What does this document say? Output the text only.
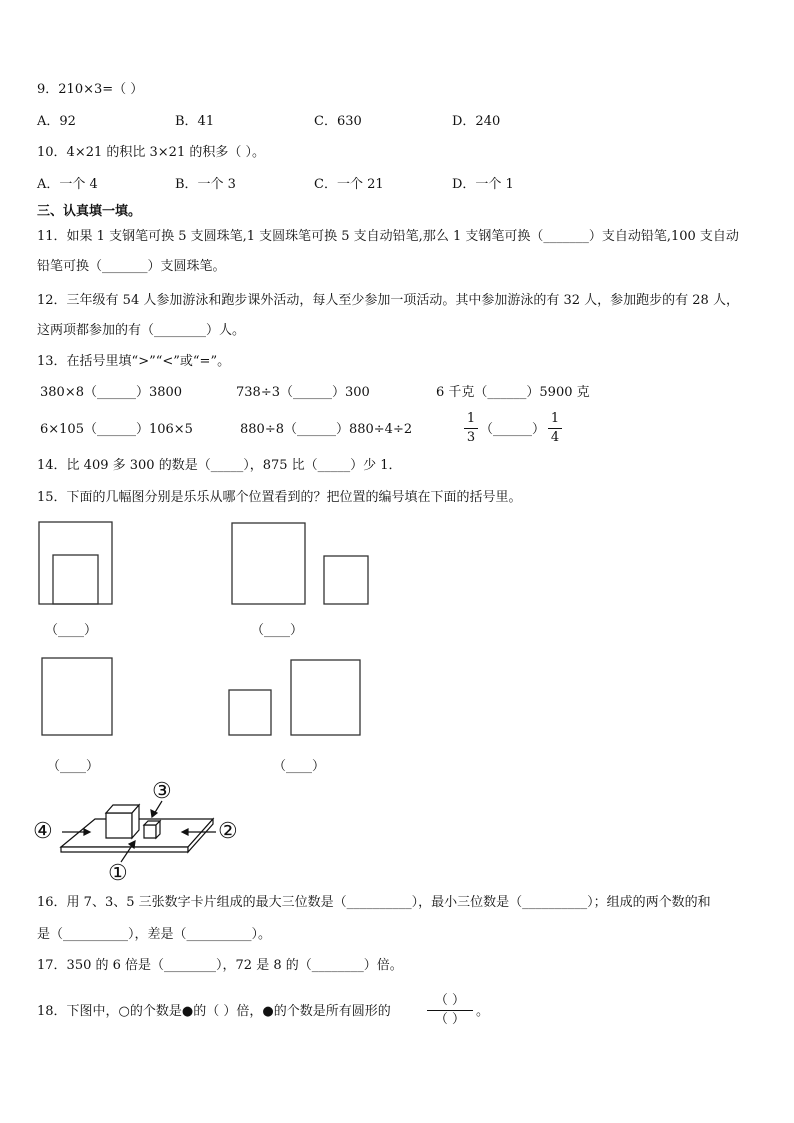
9．210×3=（ ）
A．92	B．41	C．630	D．240
10．4×21 的积比 3×21 的积多（ ）。
A．一个 4	B．一个 3	C．一个 21	D．一个 1
三、认真填一填。
11．如果 1 支钢笔可换 5 支圆珠笔,1 支圆珠笔可换 5 支自动铅笔,那么 1 支钢笔可换（_______）支自动铅笔,100 支自动
铅笔可换（_______）支圆珠笔。
12．三年级有 54 人参加游泳和跑步课外活动，每人至少参加一项活动。其中参加游泳的有 32 人，参加跑步的有 28 人，
这两项都参加的有（________）人。
13．在括号里填“>”“<”或“=”。
380×8（______）3800	738÷3（______）300	6 千克（______）5900 克
6×105（______）106×5	880÷8（______）880÷4÷2	$\frac{1}{3}$ （______） $\frac{1}{4}$
14．比 409 多 300 的数是（_____），875 比（_____）少 1．
15．下面的几幅图分别是乐乐从哪个位置看到的？把位置的编号填在下面的括号里。
（____）	（____）
（____）	（____）
④	②
③
①
16．用 7、3、5 三张数字卡片组成的最大三位数是（__________），最小三位数是（__________）；组成的两个数的和
是（__________），差是（__________）。
17．350 的 6 倍是（________），72 是 8 的（________）倍。
18．下图中，○的个数是●的（ ）倍，●的个数是所有圆形的
（ ）
（ ）
。
